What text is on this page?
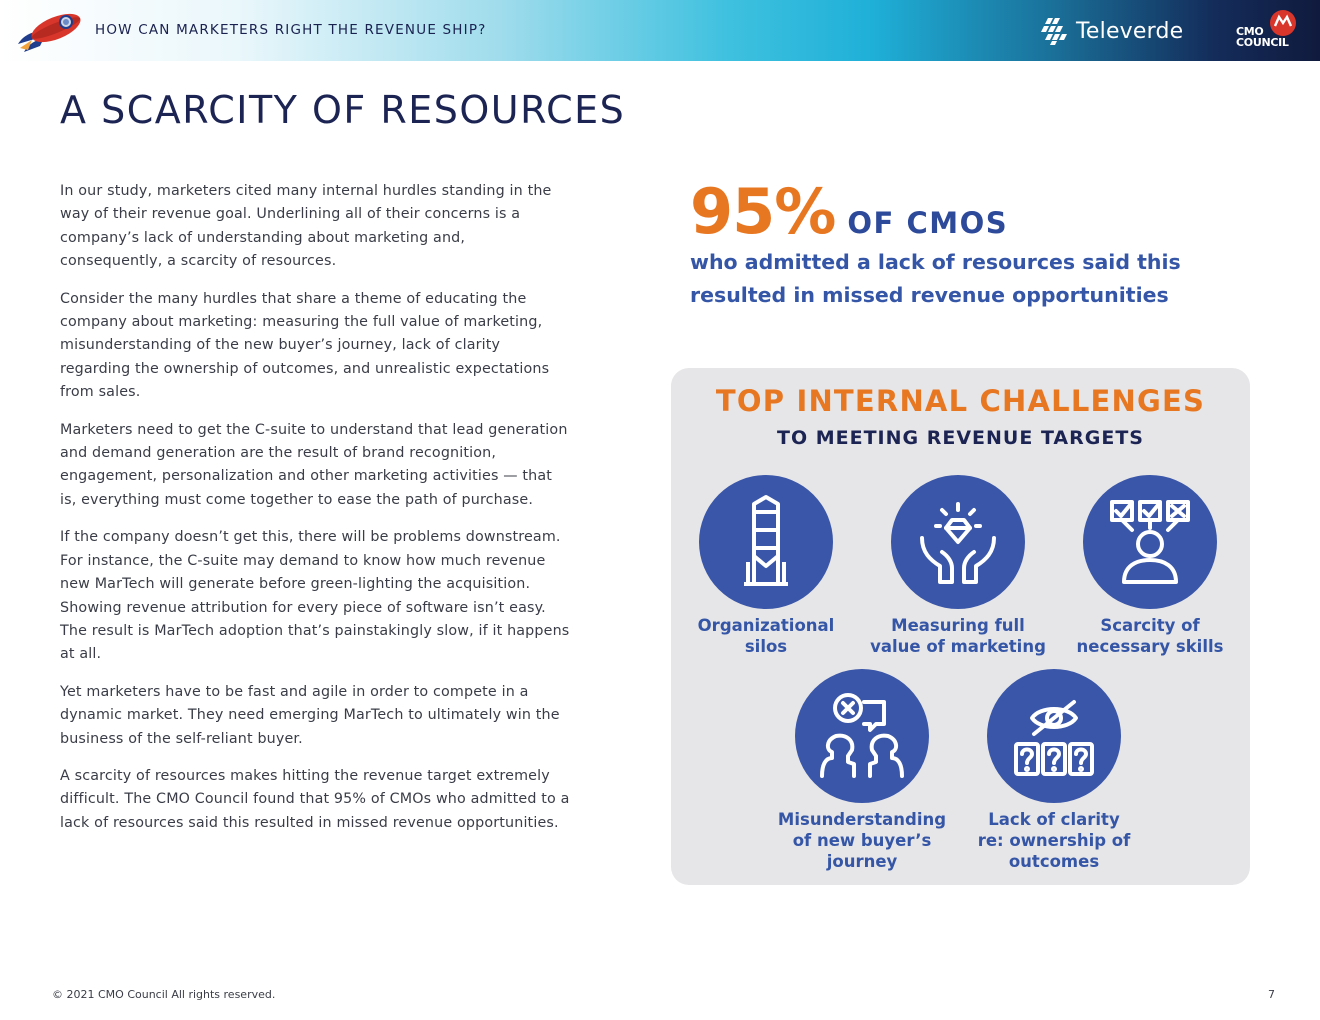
HOW CAN MARKETERS RIGHT THE REVENUE SHIP?	Televerde	CMO
COUNCIL
A SCARCITY OF RESOURCES

In our study, marketers cited many internal hurdles standing in the way of their revenue goal. Underlining all of their concerns is a company’s lack of understanding about marketing and, consequently, a scarcity of resources.

Consider the many hurdles that share a theme of educating the company about marketing: measuring the full value of marketing, misunderstanding of the new buyer’s journey, lack of clarity regarding the ownership of outcomes, and unrealistic expectations from sales.

Marketers need to get the C-suite to understand that lead generation and demand generation are the result of brand recognition, engagement, personalization and other marketing activities — that is, everything must come together to ease the path of purchase.

If the company doesn’t get this, there will be problems downstream. For instance, the C-suite may demand to know how much revenue new MarTech will generate before green-lighting the acquisition. Showing revenue attribution for every piece of software isn’t easy. The result is MarTech adoption that’s painstakingly slow, if it happens at all.

Yet marketers have to be fast and agile in order to compete in a dynamic market. They need emerging MarTech to ultimately win the business of the self-reliant buyer.

A scarcity of resources makes hitting the revenue target extremely difficult. The CMO Council found that 95% of CMOs who admitted to a lack of resources said this resulted in missed revenue opportunities.

95% OF CMOS
who admitted a lack of resources said this resulted in missed revenue opportunities
TOP INTERNAL CHALLENGES
TO MEETING REVENUE TARGETS
Organizational
silos
Measuring full
value of marketing
Scarcity of
necessary skills
Misunderstanding
of new buyer’s
journey
Lack of clarity
re: ownership of
outcomes
© 2021 CMO Council All rights reserved.	7
